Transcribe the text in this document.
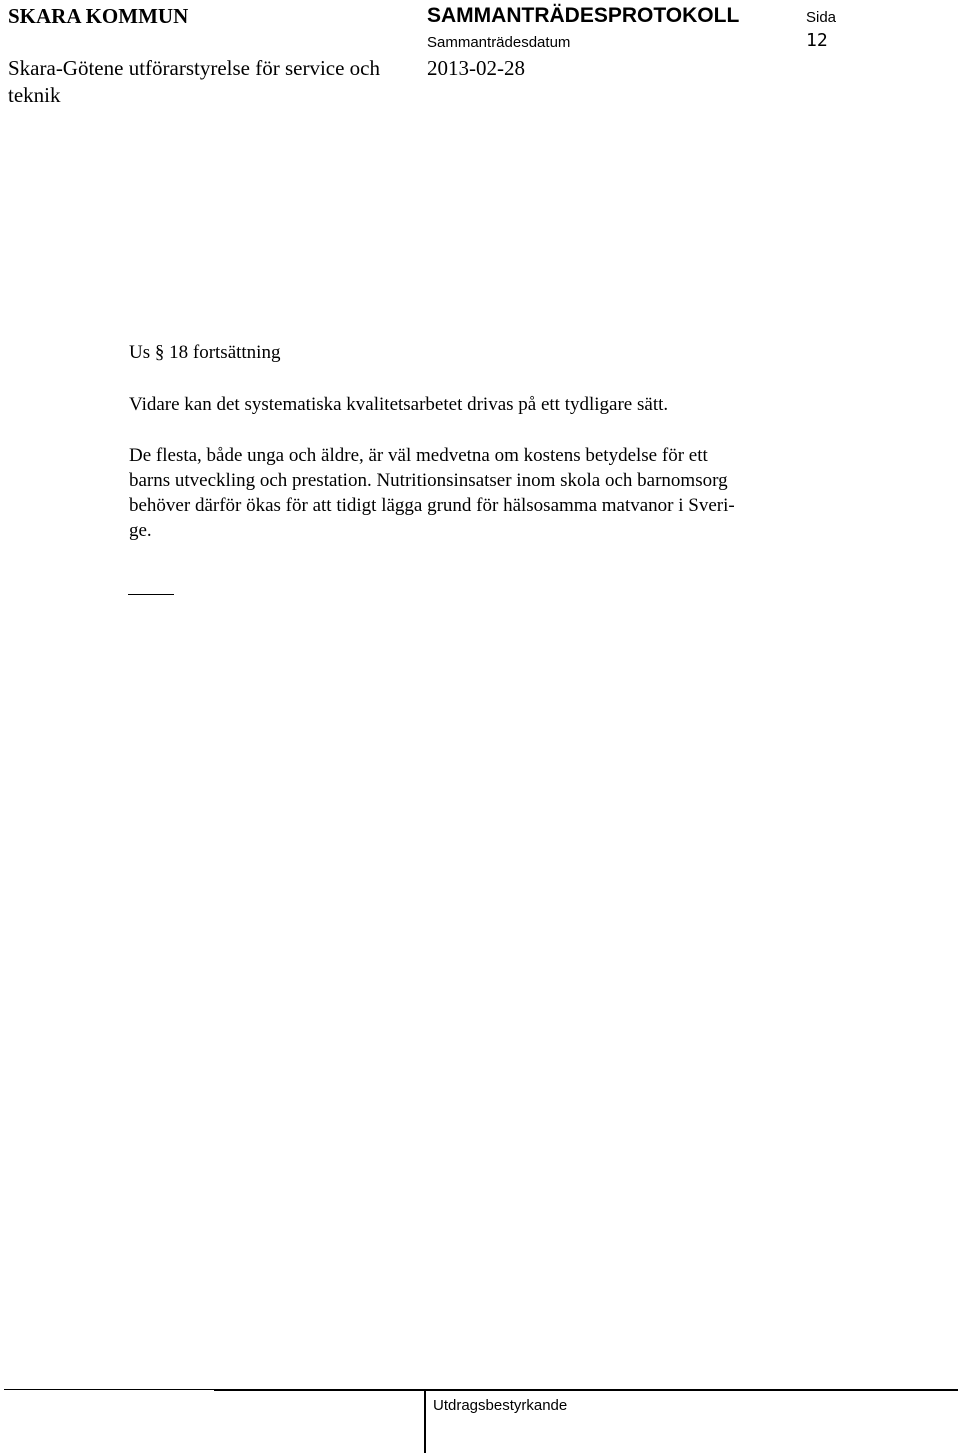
SKARA KOMMUN
Skara-Götene utförarstyrelse för service och teknik
SAMMANTRÄDESPROTOKOLL
Sammanträdesdatum
2013-02-28
Sida
12
Us § 18 fortsättning
Vidare kan det systematiska kvalitetsarbetet drivas på ett tydligare sätt.
De flesta, både unga och äldre, är väl medvetna om kostens betydelse för ett
barns utveckling och prestation. Nutritionsinsatser inom skola och barnomsorg
behöver därför ökas för att tidigt lägga grund för hälsosamma matvanor i Sveri-
ge.
Utdragsbestyrkande
